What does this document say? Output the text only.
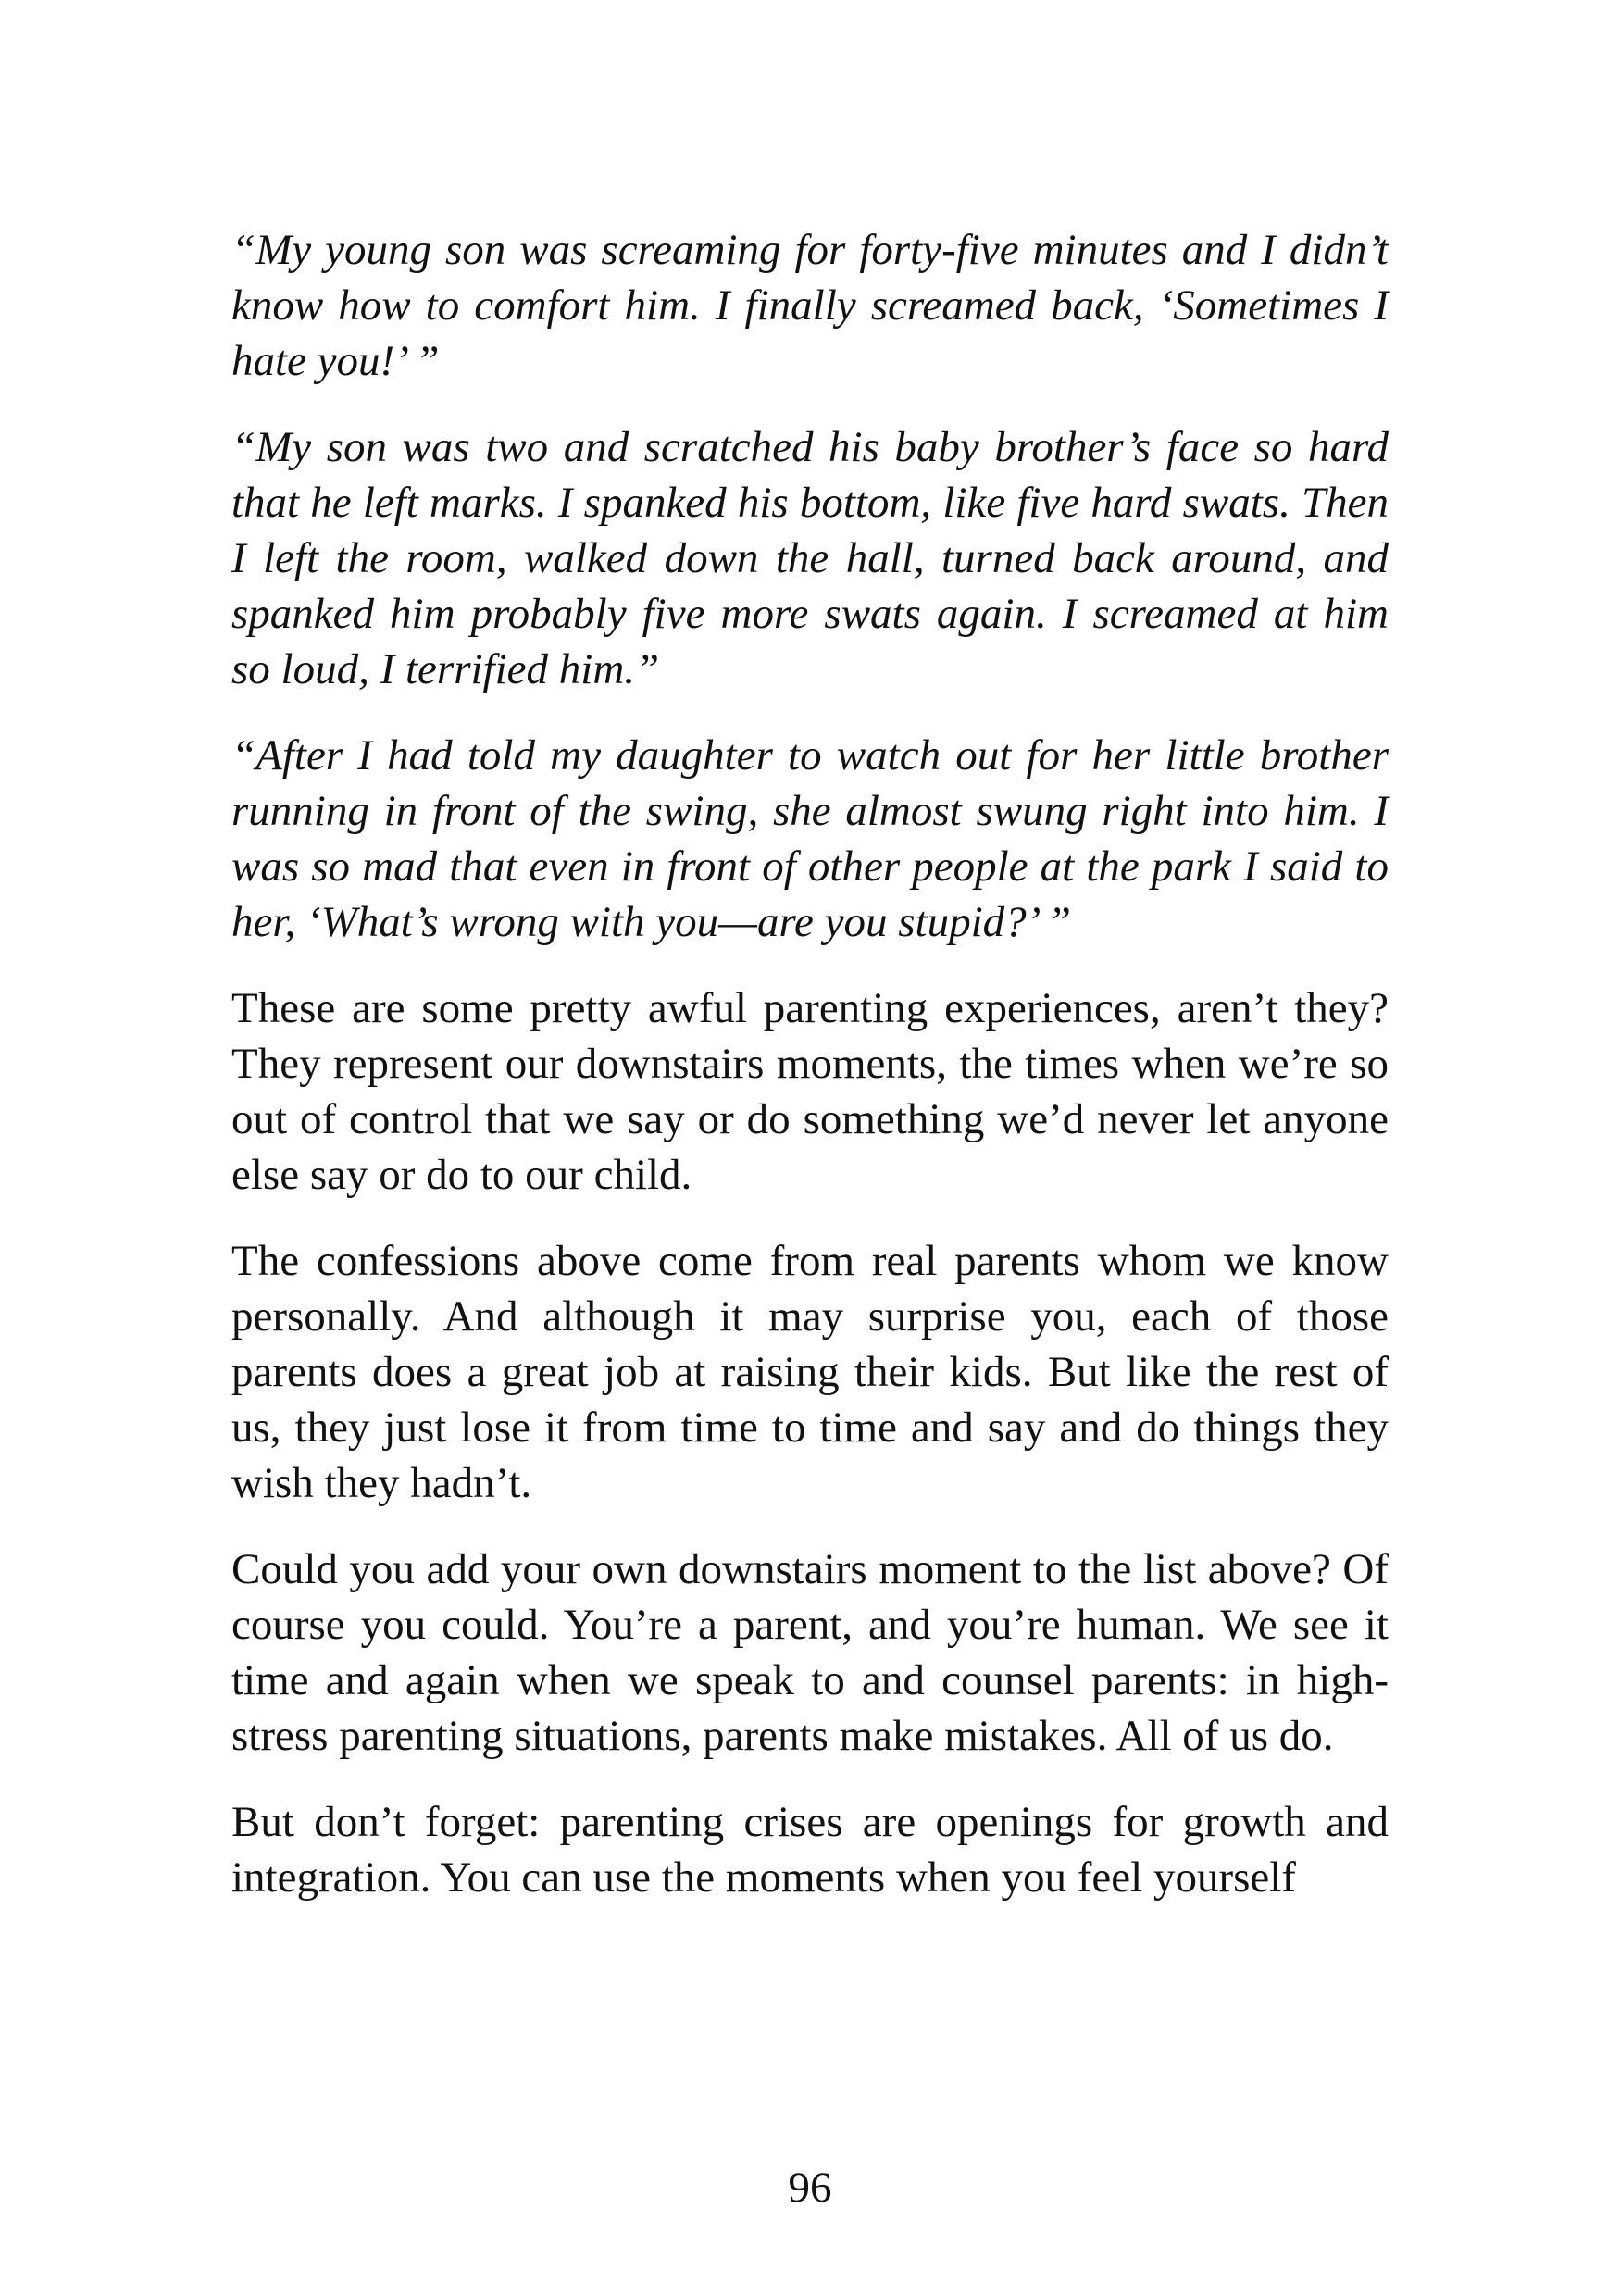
“My young son was screaming for forty-five minutes and I didn’t know how to comfort him. I finally screamed back, ‘Sometimes I hate you!’ ”

“My son was two and scratched his baby brother’s face so hard that he left marks. I spanked his bottom, like five hard swats. Then I left the room, walked down the hall, turned back around, and spanked him probably five more swats again. I screamed at him so loud, I terrified him.”

“After I had told my daughter to watch out for her little brother running in front of the swing, she almost swung right into him. I was so mad that even in front of other people at the park I said to her, ‘What’s wrong with you—are you stupid?’ ”

These are some pretty awful parenting experiences, aren’t they? They represent our downstairs moments, the times when we’re so out of control that we say or do something we’d never let anyone else say or do to our child.

The confessions above come from real parents whom we know personally. And although it may surprise you, each of those parents does a great job at raising their kids. But like the rest of us, they just lose it from time to time and say and do things they wish they hadn’t.

Could you add your own downstairs moment to the list above? Of course you could. You’re a parent, and you’re human. We see it time and again when we speak to and counsel parents: in high-stress parenting situations, parents make mistakes. All of us do.

But don’t forget: parenting crises are openings for growth and integration. You can use the moments when you feel yourself

96
